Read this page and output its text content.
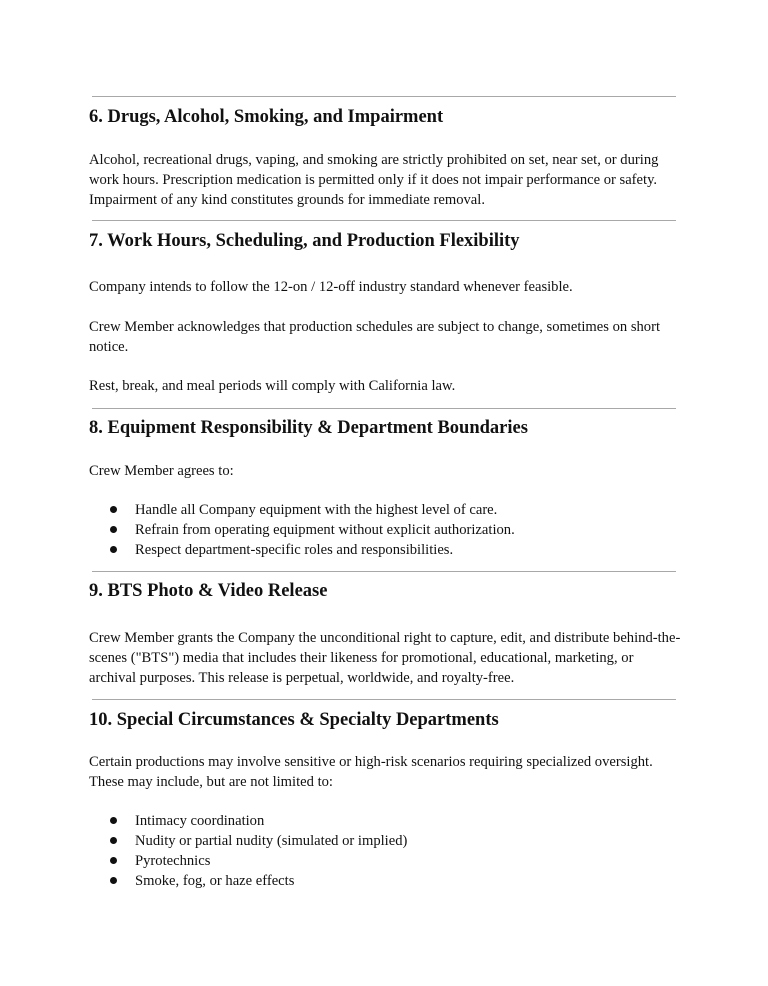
6. Drugs, Alcohol, Smoking, and Impairment

Alcohol, recreational drugs, vaping, and smoking are strictly prohibited on set, near set, or during work hours. Prescription medication is permitted only if it does not impair performance or safety. Impairment of any kind constitutes grounds for immediate removal.

7. Work Hours, Scheduling, and Production Flexibility

Company intends to follow the 12-on / 12-off industry standard whenever feasible.

Crew Member acknowledges that production schedules are subject to change, sometimes on short notice.

Rest, break, and meal periods will comply with California law.

8. Equipment Responsibility & Department Boundaries

Crew Member agrees to:

Handle all Company equipment with the highest level of care.
Refrain from operating equipment without explicit authorization.
Respect department-specific roles and responsibilities.
9. BTS Photo & Video Release

Crew Member grants the Company the unconditional right to capture, edit, and distribute behind-the-scenes ("BTS") media that includes their likeness for promotional, educational, marketing, or archival purposes. This release is perpetual, worldwide, and royalty-free.

10. Special Circumstances & Specialty Departments

Certain productions may involve sensitive or high-risk scenarios requiring specialized oversight. These may include, but are not limited to:

Intimacy coordination
Nudity or partial nudity (simulated or implied)
Pyrotechnics
Smoke, fog, or haze effects
